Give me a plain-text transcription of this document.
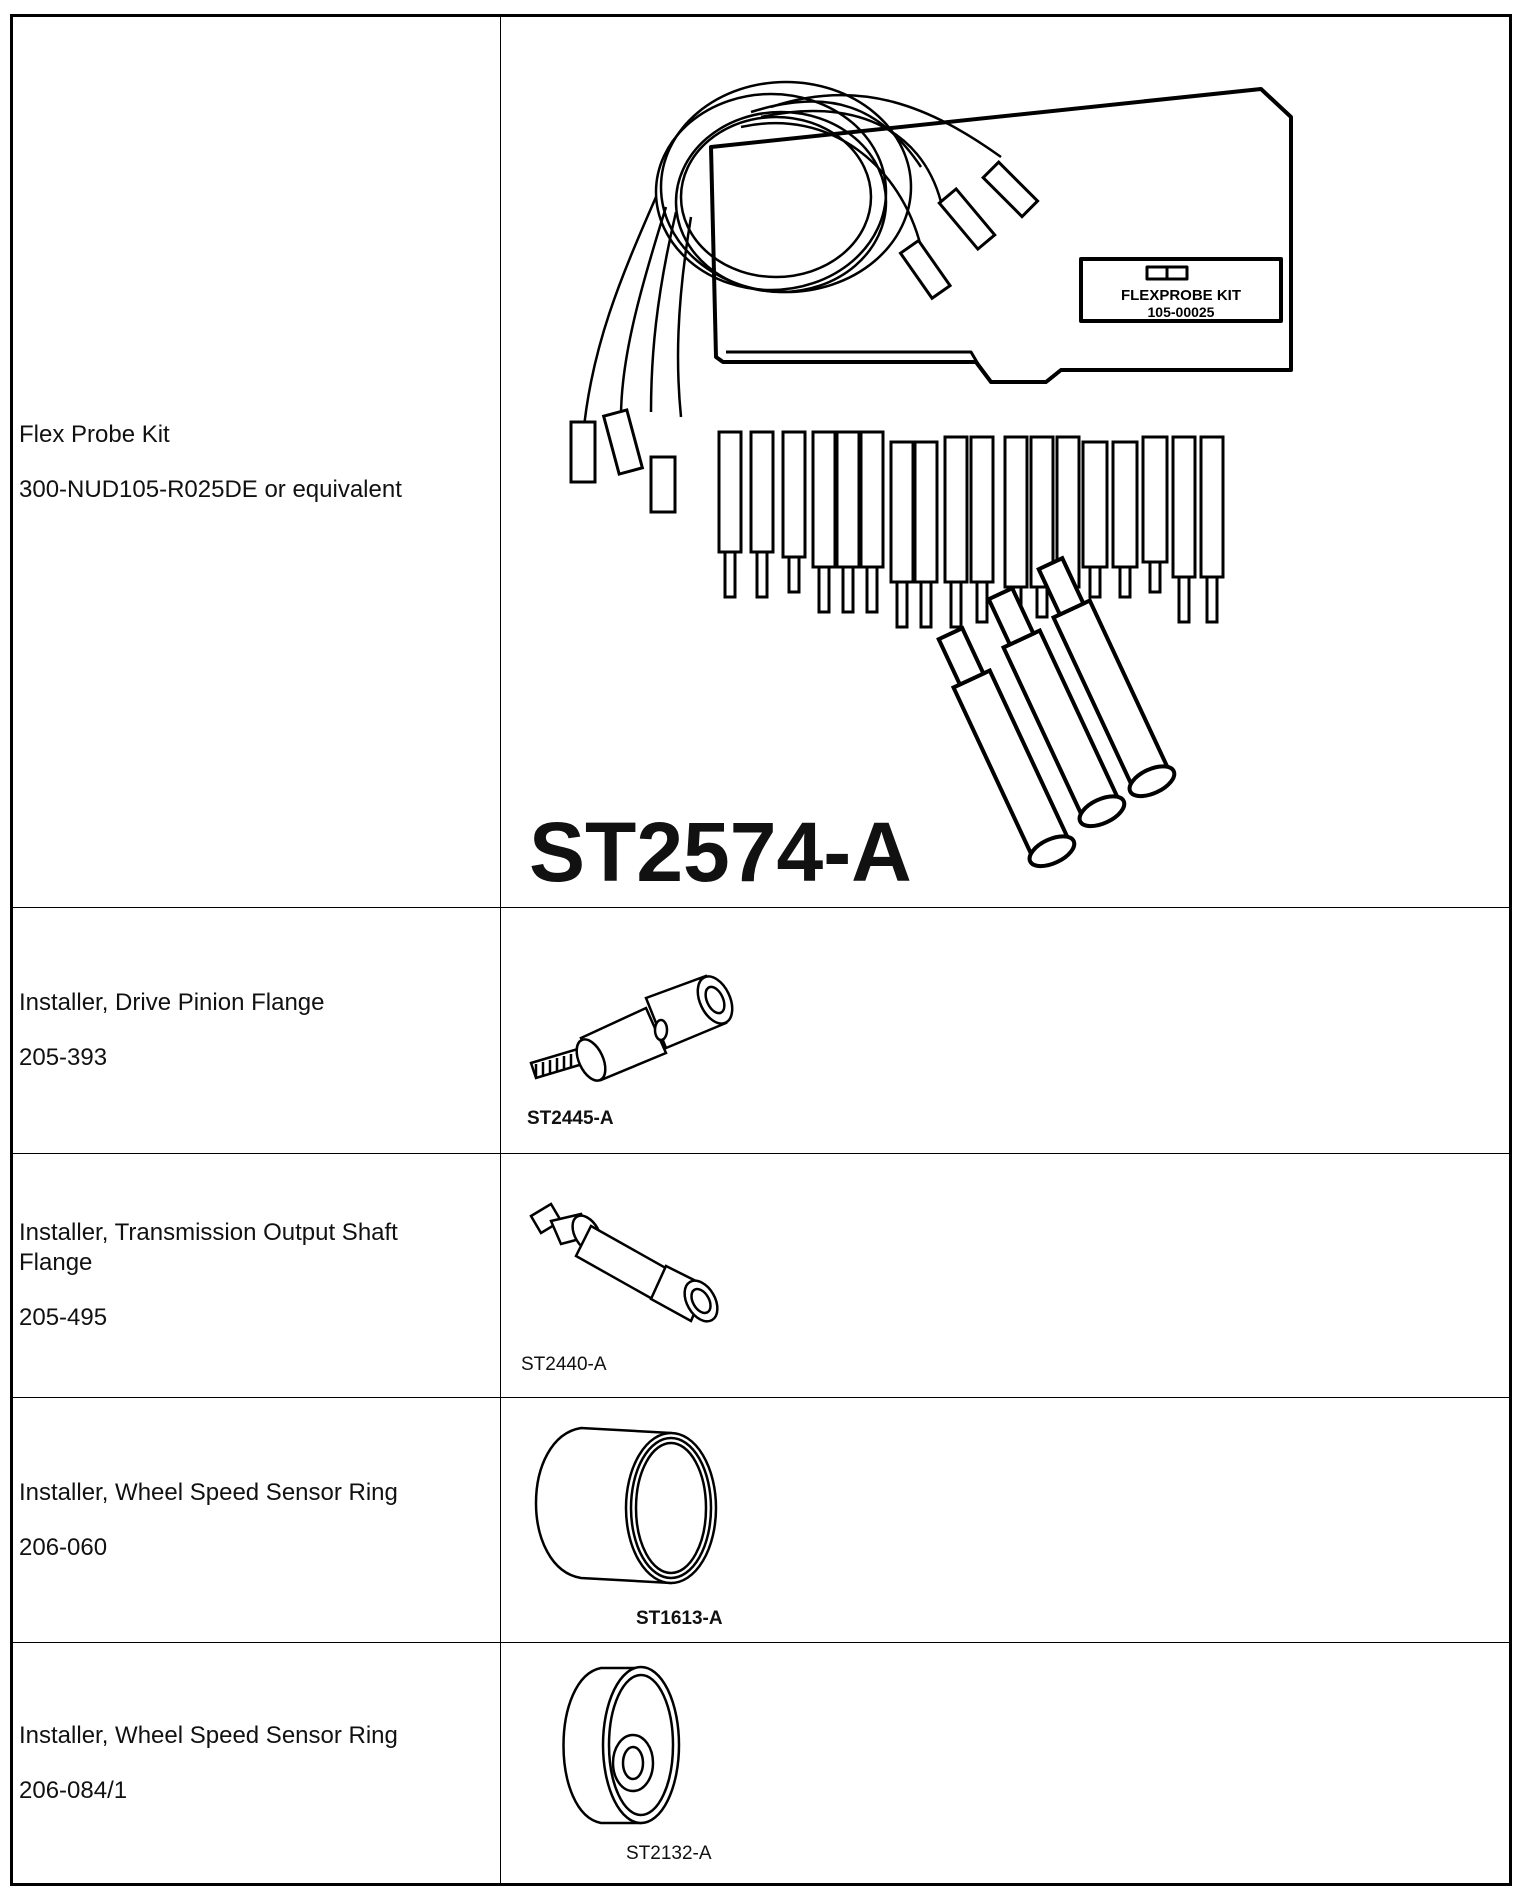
Flex Probe Kit

300-NUD105-R025DE or equivalent

FLEXPROBE KIT
105-00025
ST2574-A

Installer, Drive Pinion Flange

205-393

ST2445-A

Installer, Transmission Output Shaft Flange

205-495

ST2440-A

Installer, Wheel Speed Sensor Ring

206-060

ST1613-A

Installer, Wheel Speed Sensor Ring

206-084/1

ST2132-A
